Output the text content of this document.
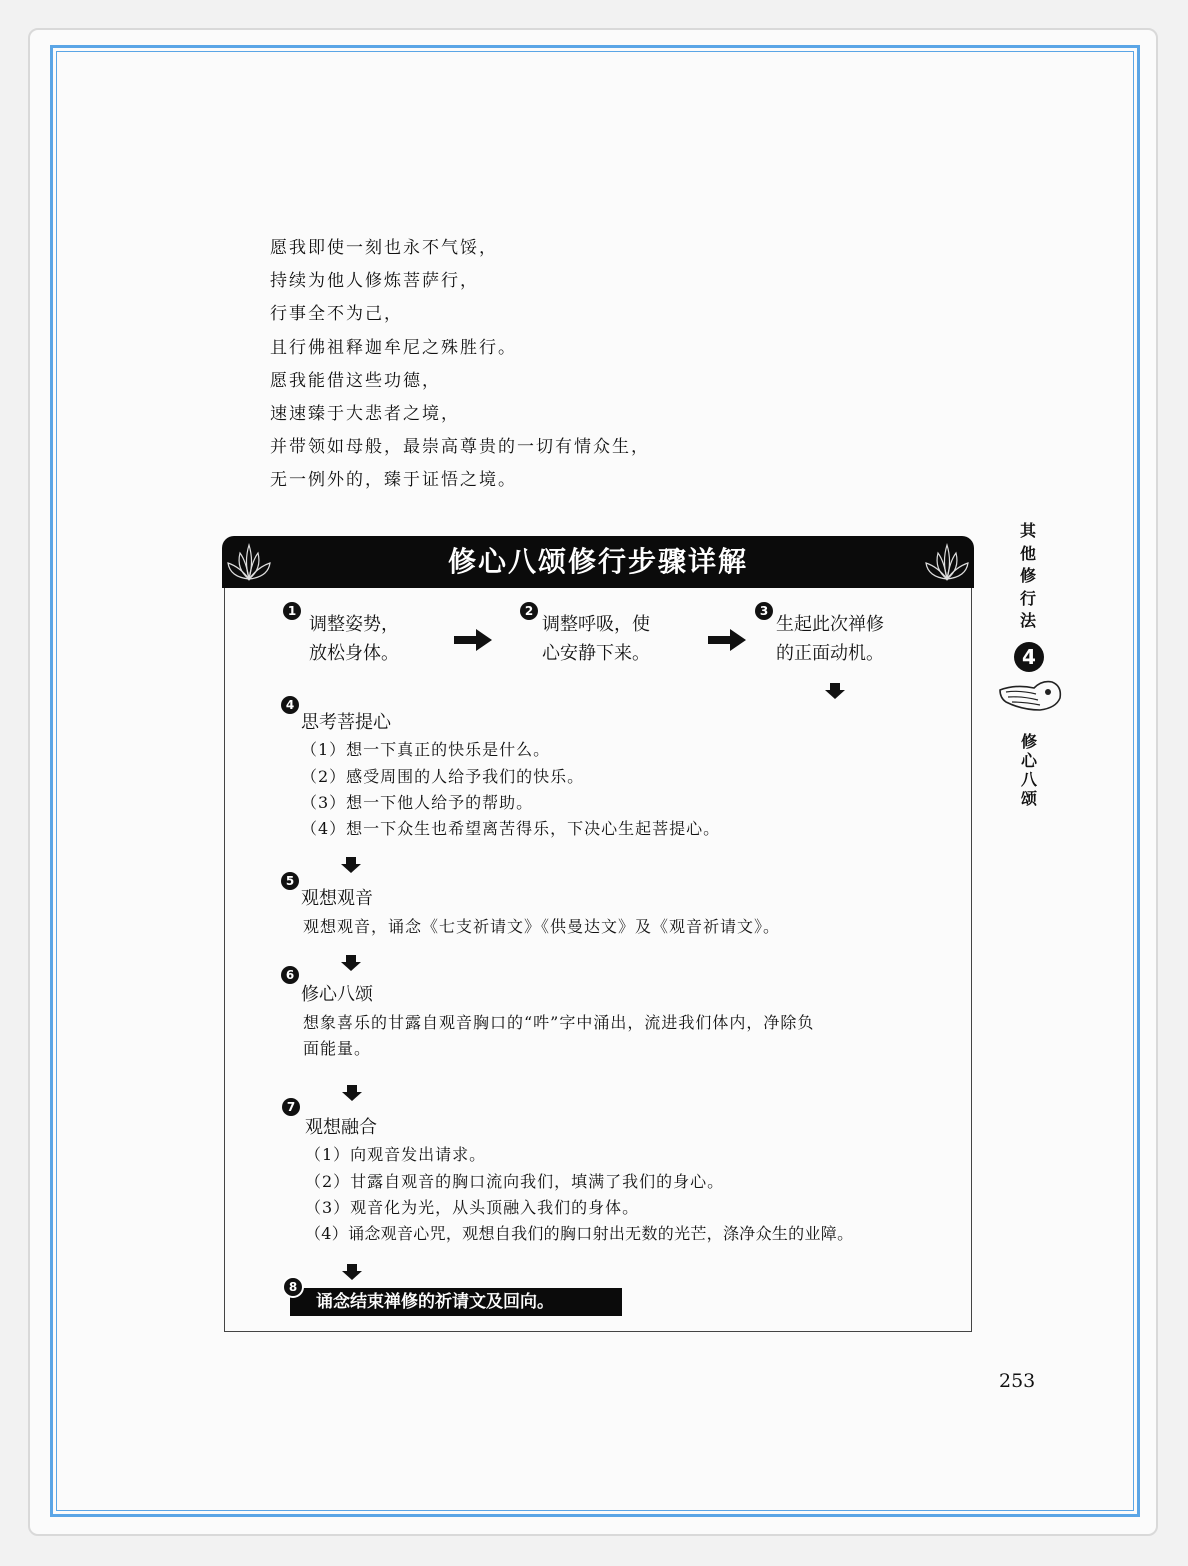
愿我即使一刻也永不气馁，
持续为他人修炼菩萨行，
行事全不为己，
且行佛祖释迦牟尼之殊胜行。
愿我能借这些功德，
速速臻于大悲者之境，
并带领如母般，最崇高尊贵的一切有情众生，
无一例外的，臻于证悟之境。
其他修行法
4
修心八颂
修心八颂修行步骤详解
1
调整姿势，
放松身体。
2
调整呼吸，使
心安静下来。
3
生起此次禅修
的正面动机。
4
思考菩提心
（1）想一下真正的快乐是什么。
（2）感受周围的人给予我们的快乐。
（3）想一下他人给予的帮助。
（4）想一下众生也希望离苦得乐，下决心生起菩提心。
5
观想观音
观想观音，诵念《七支祈请文》《供曼达文》及《观音祈请文》。
6
修心八颂
想象喜乐的甘露自观音胸口的“吽”字中涌出，流进我们体内，净除负
面能量。
7
观想融合
（1）向观音发出请求。
（2）甘露自观音的胸口流向我们，填满了我们的身心。
（3）观音化为光，从头顶融入我们的身体。
（4）诵念观音心咒，观想自我们的胸口射出无数的光芒，涤净众生的业障。
诵念结束禅修的祈请文及回向。
8
253
